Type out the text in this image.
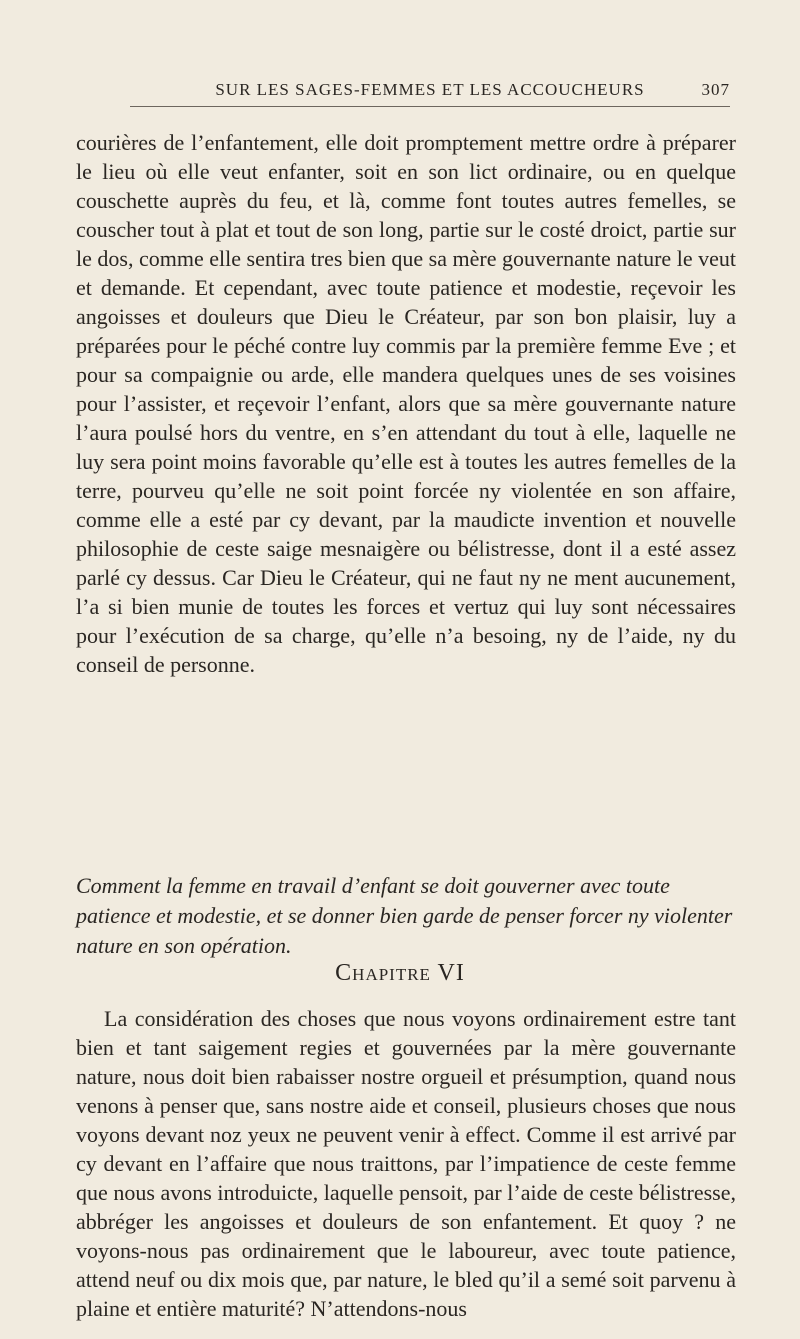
SUR LES SAGES-FEMMES ET LES ACCOUCHEURS	307

courières de l’enfantement, elle doit promptement mettre ordre à préparer le lieu où elle veut enfanter, soit en son lict ordinaire, ou en quelque couschette auprès du feu, et là, comme font toutes autres femelles, se couscher tout à plat et tout de son long, partie sur le costé droict, partie sur le dos, comme elle sentira tres bien que sa mère gouvernante nature le veut et demande. Et cependant, avec toute patience et modestie, reçevoir les angoisses et douleurs que Dieu le Créateur, par son bon plaisir, luy a préparées pour le péché contre luy commis par la première femme Eve ; et pour sa compaignie ou arde, elle mandera quelques unes de ses voisines pour l’assister, et reçevoir l’enfant, alors que sa mère gouvernante nature l’aura poulsé hors du ventre, en s’en attendant du tout à elle, laquelle ne luy sera point moins favorable qu’elle est à toutes les autres femelles de la terre, pourveu qu’elle ne soit point forcée ny violentée en son affaire, comme elle a esté par cy devant, par la maudicte invention et nouvelle philosophie de ceste saige mesnaigère ou bélistresse, dont il a esté assez parlé cy dessus. Car Dieu le Créateur, qui ne faut ny ne ment aucunement, l’a si bien munie de toutes les forces et vertuz qui luy sont nécessaires pour l’exécution de sa charge, qu’elle n’a besoing, ny de l’aide, ny du conseil de personne.

Comment la femme en travail d’enfant se doit gouverner avec toute patience et modestie, et se donner bien garde de penser forcer ny violenter nature en son opération.

Chapitre VI

La considération des choses que nous voyons ordinairement estre tant bien et tant saigement regies et gouvernées par la mère gouvernante nature, nous doit bien rabaisser nostre orgueil et présumption, quand nous venons à penser que, sans nostre aide et conseil, plusieurs choses que nous voyons devant noz yeux ne peuvent venir à effect. Comme il est arrivé par cy devant en l’affaire que nous traittons, par l’impatience de ceste femme que nous avons introduicte, laquelle pensoit, par l’aide de ceste bélistresse, abbréger les angoisses et douleurs de son enfantement. Et quoy ? ne voyons-nous pas ordinairement que le laboureur, avec toute patience, attend neuf ou dix mois que, par nature, le bled qu’il a semé soit parvenu à plaine et entière maturité? N’attendons-nous
